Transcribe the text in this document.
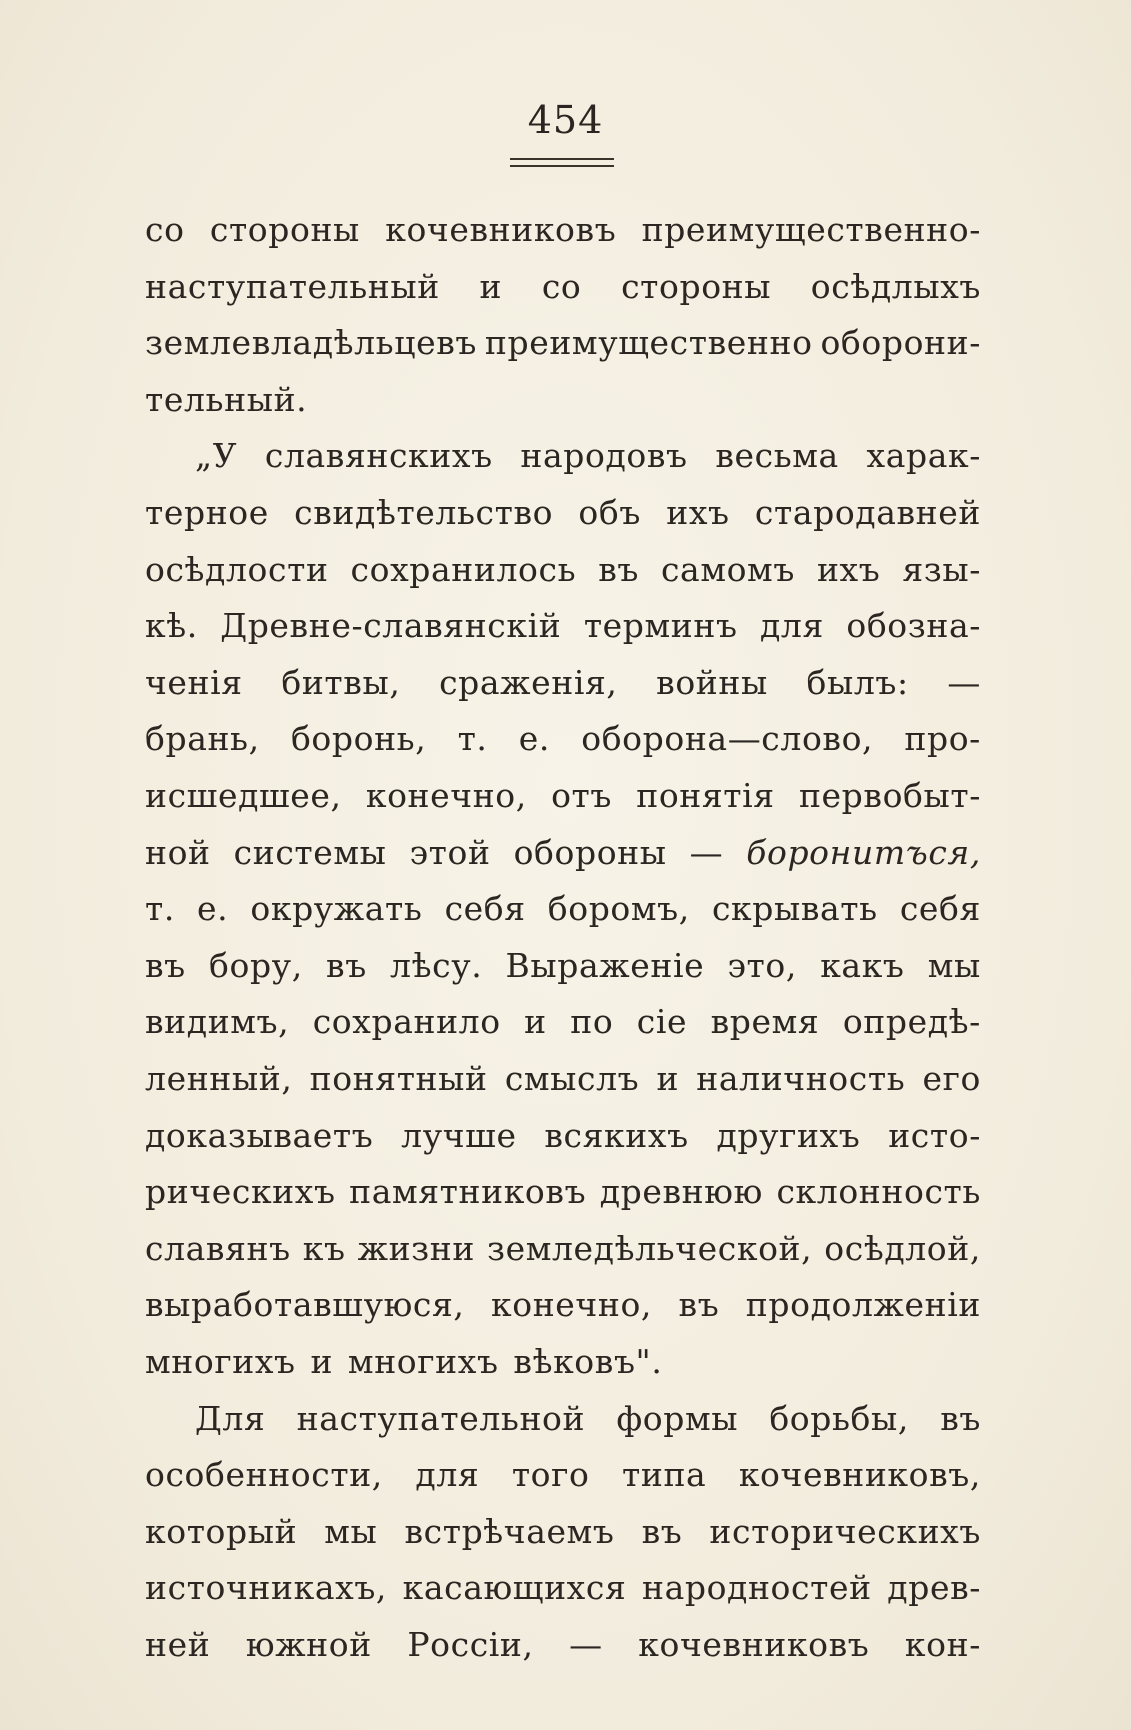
454
со стороны кочевниковъ преимущественно-
наступательный и со стороны осѣдлыхъ
землевладѣльцевъ преимущественно оборони-
тельный.
„У славянскихъ народовъ весьма харак-
терное свидѣтельство объ ихъ стародавней
осѣдлости сохранилось въ самомъ ихъ язы-
кѣ. Древне-славянскій терминъ для обозна-
ченія битвы, сраженія, войны былъ: —
брань, боронь, т. е. оборона—слово, про-
исшедшее, конечно, отъ понятія первобыт-
ной системы этой обороны — боронитъся,
т. е. окружать себя боромъ, скрывать себя
въ бору, въ лѣсу. Выраженіе это, какъ мы
видимъ, сохранило и по сіе время опредѣ-
ленный, понятный смыслъ и наличность его
доказываетъ лучше всякихъ другихъ исто-
рическихъ памятниковъ древнюю склонность
славянъ къ жизни земледѣльческой, осѣдлой,
выработавшуюся, конечно, въ продолженіи
многихъ и многихъ вѣковъ".
Для наступательной формы борьбы, въ
особенности, для того типа кочевниковъ,
который мы встрѣчаемъ въ историческихъ
источникахъ, касающихся народностей древ-
ней южной Россіи, — кочевниковъ кон-
